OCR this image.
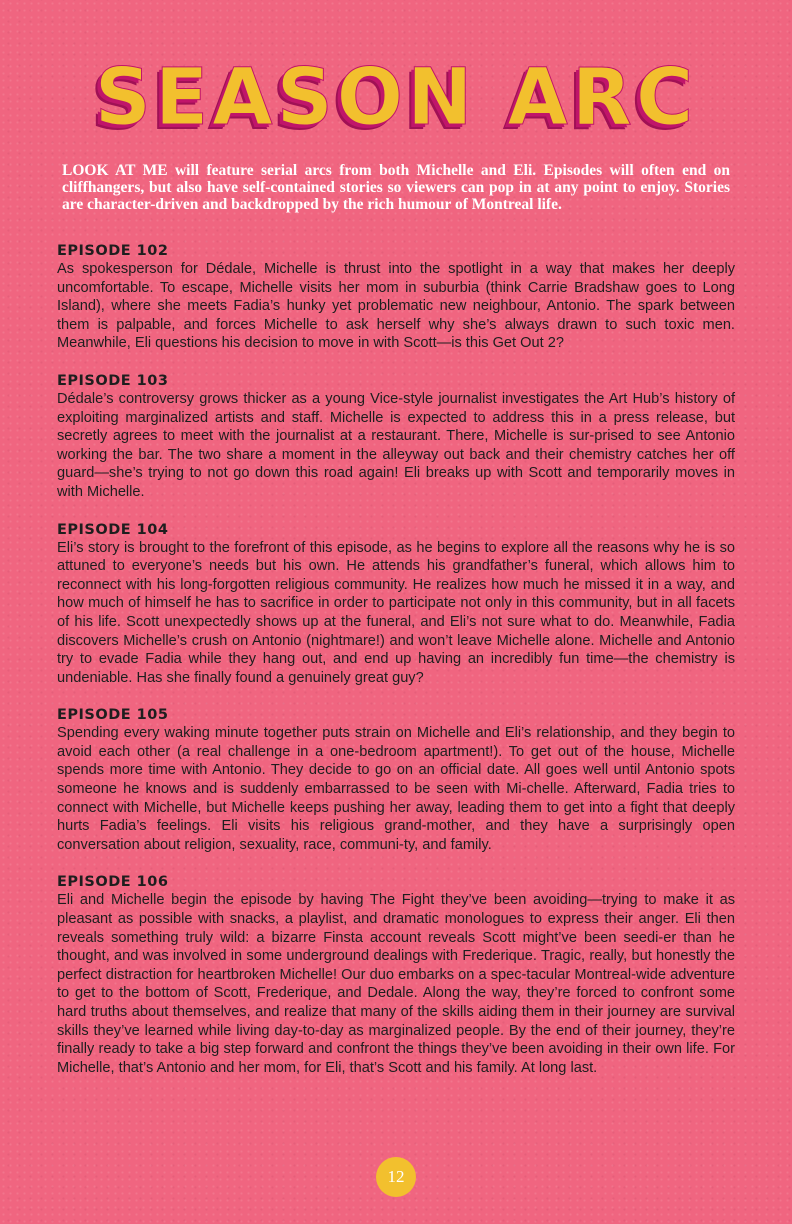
SEASON ARC

LOOK AT ME will feature serial arcs from both Michelle and Eli. Episodes will often end on cliffhangers, but also have self-contained stories so viewers can pop in at any point to enjoy. Stories are character-driven and backdropped by the rich humour of Montreal life.

EPISODE 102

As spokesperson for Dédale, Michelle is thrust into the spotlight in a way that makes her deeply uncomfortable. To escape, Michelle visits her mom in suburbia (think Carrie Bradshaw goes to Long Island), where she meets Fadia’s hunky yet problematic new neighbour, Antonio. The spark between them is palpable, and forces Michelle to ask herself why she’s always drawn to such toxic men. Meanwhile, Eli questions his decision to move in with Scott—is this Get Out 2?

EPISODE 103

Dédale’s controversy grows thicker as a young Vice-style journalist investigates the Art Hub’s history of exploiting marginalized artists and staff. Michelle is expected to address this in a press release, but secretly agrees to meet with the journalist at a restaurant. There, Michelle is sur-prised to see Antonio working the bar. The two share a moment in the alleyway out back and their chemistry catches her off guard—she’s trying to not go down this road again! Eli breaks up with Scott and temporarily moves in with Michelle.

EPISODE 104

Eli’s story is brought to the forefront of this episode, as he begins to explore all the reasons why he is so attuned to everyone’s needs but his own. He attends his grandfather’s funeral, which allows him to reconnect with his long-forgotten religious community. He realizes how much he missed it in a way, and how much of himself he has to sacrifice in order to participate not only in this community, but in all facets of his life. Scott unexpectedly shows up at the funeral, and Eli’s not sure what to do. Meanwhile, Fadia discovers Michelle’s crush on Antonio (nightmare!) and won’t leave Michelle alone. Michelle and Antonio try to evade Fadia while they hang out, and end up having an incredibly fun time—the chemistry is undeniable. Has she finally found a genuinely great guy?

EPISODE 105

Spending every waking minute together puts strain on Michelle and Eli’s relationship, and they begin to avoid each other (a real challenge in a one-bedroom apartment!). To get out of the house, Michelle spends more time with Antonio. They decide to go on an official date. All goes well until Antonio spots someone he knows and is suddenly embarrassed to be seen with Mi-chelle. Afterward, Fadia tries to connect with Michelle, but Michelle keeps pushing her away, leading them to get into a fight that deeply hurts Fadia’s feelings. Eli visits his religious grand-mother, and they have a surprisingly open conversation about religion, sexuality, race, communi-ty, and family.

EPISODE 106

Eli and Michelle begin the episode by having The Fight they’ve been avoiding—trying to make it as pleasant as possible with snacks, a playlist, and dramatic monologues to express their anger. Eli then reveals something truly wild: a bizarre Finsta account reveals Scott might’ve been seedi-er than he thought, and was involved in some underground dealings with Frederique. Tragic, really, but honestly the perfect distraction for heartbroken Michelle! Our duo embarks on a spec-tacular Montreal-wide adventure to get to the bottom of Scott, Frederique, and Dedale. Along the way, they’re forced to confront some hard truths about themselves, and realize that many of the skills aiding them in their journey are survival skills they’ve learned while living day-to-day as marginalized people. By the end of their journey, they’re finally ready to take a big step forward and confront the things they’ve been avoiding in their own life. For Michelle, that’s Antonio and her mom, for Eli, that’s Scott and his family. At long last.

12
